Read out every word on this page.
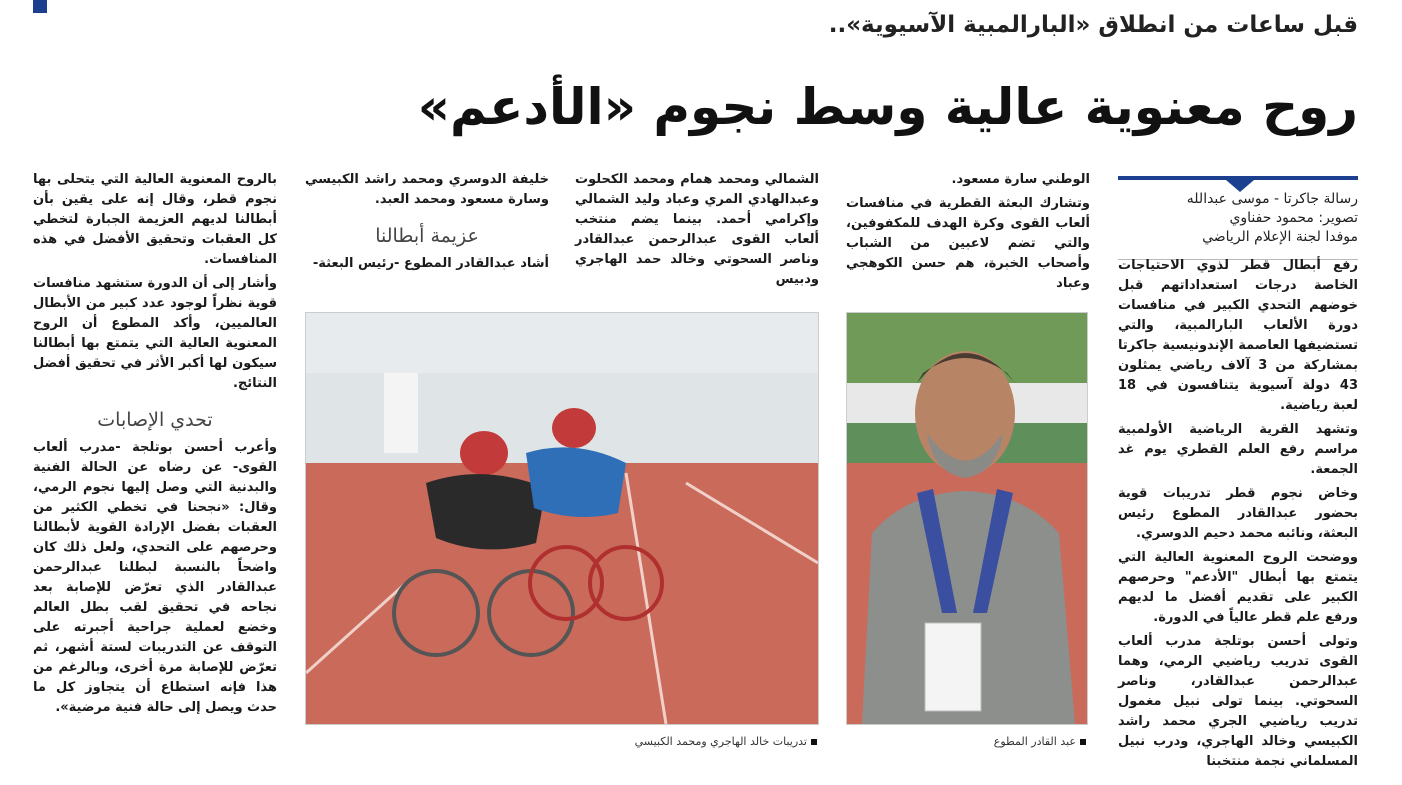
قبل ساعات من انطلاق «البارالمبية الآسيوية»..
روح معنوية عالية وسط نجوم «الأدعم»
رسالة جاكرتا - موسى عبدالله
تصوير: محمود حفناوي
موفدا لجنة الإعلام الرياضي

رفع أبطال قطر لذوي الاحتياجات الخاصة درجات استعداداتهم قبل خوضهم التحدي الكبير في منافسات دورة الألعاب البارالمبية، والتي تستضيفها العاصمة الإندونيسية جاكرتا بمشاركة من 3 آلاف رياضي يمثلون 43 دولة آسيوية يتنافسون في 18 لعبة رياضية.

وتشهد القرية الرياضية الأولمبية مراسم رفع العلم القطري يوم غد الجمعة.

وخاض نجوم قطر تدريبات قوية بحضور عبدالقادر المطوع رئيس البعثة، ونائبه محمد دحيم الدوسري.

ووضحت الروح المعنوية العالية التي يتمتع بها أبطال "الأدعم" وحرصهم الكبير على تقديم أفضل ما لديهم ورفع علم قطر عالياً في الدورة.

وتولى أحسن بوتلجة مدرب ألعاب القوى تدريب رياضيي الرمي، وهما عبدالرحمن عبدالقادر، وناصر السحوتي. بينما تولى نبيل مغمول تدريب رياضيي الجري محمد راشد الكبيسي وخالد الهاجري، ودرب نبيل المسلماني نجمة منتخبنا

الوطني سارة مسعود.

وتشارك البعثة القطرية في منافسات ألعاب القوى وكرة الهدف للمكفوفين، والتي تضم لاعبين من الشباب وأصحاب الخبرة، هم حسن الكوهجي وعباد

الشمالي ومحمد همام ومحمد الكحلوت وعبدالهادي المري وعباد وليد الشمالي وإكرامي أحمد. بينما يضم منتخب ألعاب القوى عبدالرحمن عبدالقادر وناصر السحوتي وخالد حمد الهاجري ودبيس

خليفة الدوسري ومحمد راشد الكبيسي وسارة مسعود ومحمد العبد.

عزيمة أبطالنا

أشاد عبدالقادر المطوع -رئيس البعثة-

بالروح المعنوية العالية التي يتحلى بها نجوم قطر، وقال إنه على يقين بأن أبطالنا لديهم العزيمة الجبارة لتخطي كل العقبات وتحقيق الأفضل في هذه المنافسات.

وأشار إلى أن الدورة ستشهد منافسات قوية نظراً لوجود عدد كبير من الأبطال العالميين، وأكد المطوع أن الروح المعنوية العالية التي يتمتع بها أبطالنا سيكون لها أكبر الأثر في تحقيق أفضل النتائج.

تحدي الإصابات

وأعرب أحسن بوتلجة -مدرب ألعاب القوى- عن رضاه عن الحالة الفنية والبدنية التي وصل إليها نجوم الرمي، وقال: «نجحنا في تخطي الكثير من العقبات بفضل الإرادة القوية لأبطالنا وحرصهم على التحدي، ولعل ذلك كان واضحاً بالنسبة لبطلنا عبدالرحمن عبدالقادر الذي تعرّض للإصابة بعد نجاحه في تحقيق لقب بطل العالم وخضع لعملية جراحية أجبرته على التوقف عن التدريبات لستة أشهر، ثم تعرّض للإصابة مرة أخرى، وبالرغم من هذا فإنه استطاع أن يتجاوز كل ما حدث ويصل إلى حالة فنية مرضية».

عبد القادر المطوع
تدريبات خالد الهاجري ومحمد الكبيسي
